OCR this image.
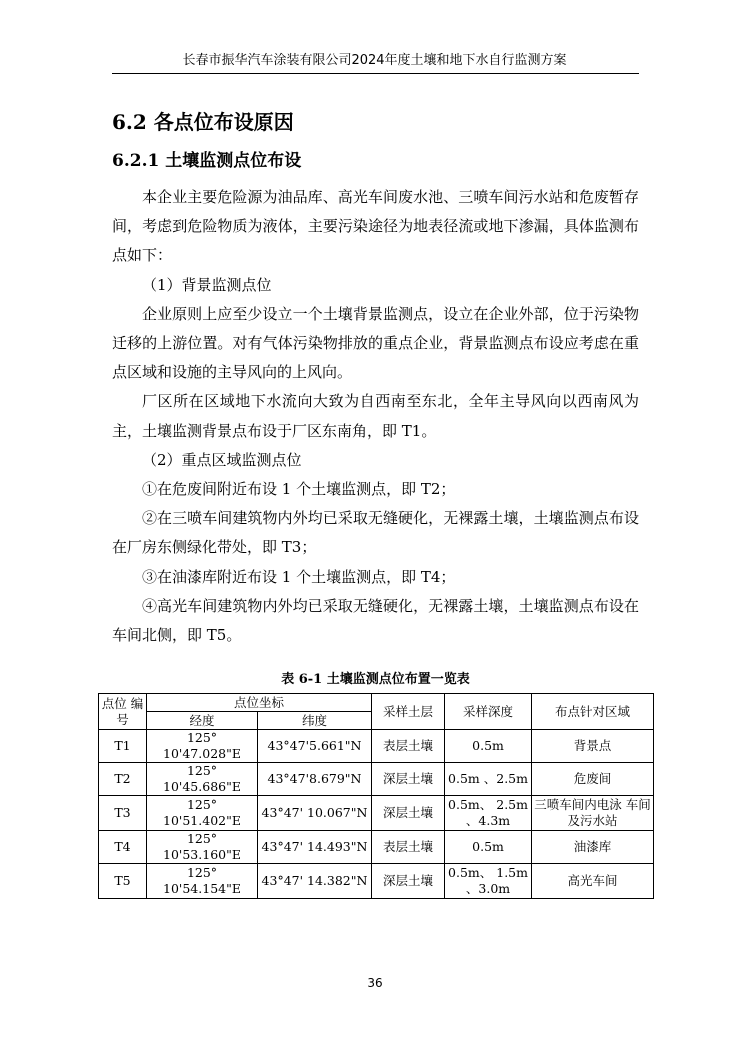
长春市振华汽车涂装有限公司2024年度土壤和地下水自行监测方案
6.2 各点位布设原因
6.2.1 土壤监测点位布设

本企业主要危险源为油品库、高光车间废水池、三喷车间污水站和危废暂存间，考虑到危险物质为液体，主要污染途径为地表径流或地下渗漏，具体监测布点如下：

（1）背景监测点位

企业原则上应至少设立一个土壤背景监测点，设立在企业外部，位于污染物 迁移的上游位置。对有气体污染物排放的重点企业，背景监测点布设应考虑在重点区域和设施的主导风向的上风向。

厂区所在区域地下水流向大致为自西南至东北，全年主导风向以西南风为主，土壤监测背景点布设于厂区东南角，即 T1。

（2）重点区域监测点位

①在危废间附近布设 1 个土壤监测点，即 T2；

②在三喷车间建筑物内外均已采取无缝硬化，无裸露土壤，土壤监测点布设在厂房东侧绿化带处，即 T3；

③在油漆库附近布设 1 个土壤监测点，即 T4；

④高光车间建筑物内外均已采取无缝硬化，无裸露土壤，土壤监测点布设在车间北侧，即 T5。

表 6-1 土壤监测点位布置一览表
点位 编号	点位坐标		采样土层	采样深度	布点针对区域
	经度	纬度			
T1	125° 10'47.028"E	43°47'5.661"N	表层土壤	0.5m	背景点
T2	125° 10'45.686"E	43°47'8.679"N	深层土壤	0.5m 、2.5m	危废间
T3	125° 10'51.402"E	43°47' 10.067"N	深层土壤	0.5m、 2.5m 、4.3m	三喷车间内电泳 车间及污水站
T4	125° 10'53.160"E	43°47' 14.493"N	表层土壤	0.5m	油漆库
T5	125° 10'54.154"E	43°47' 14.382"N	深层土壤	0.5m、 1.5m 、3.0m	高光车间
36
